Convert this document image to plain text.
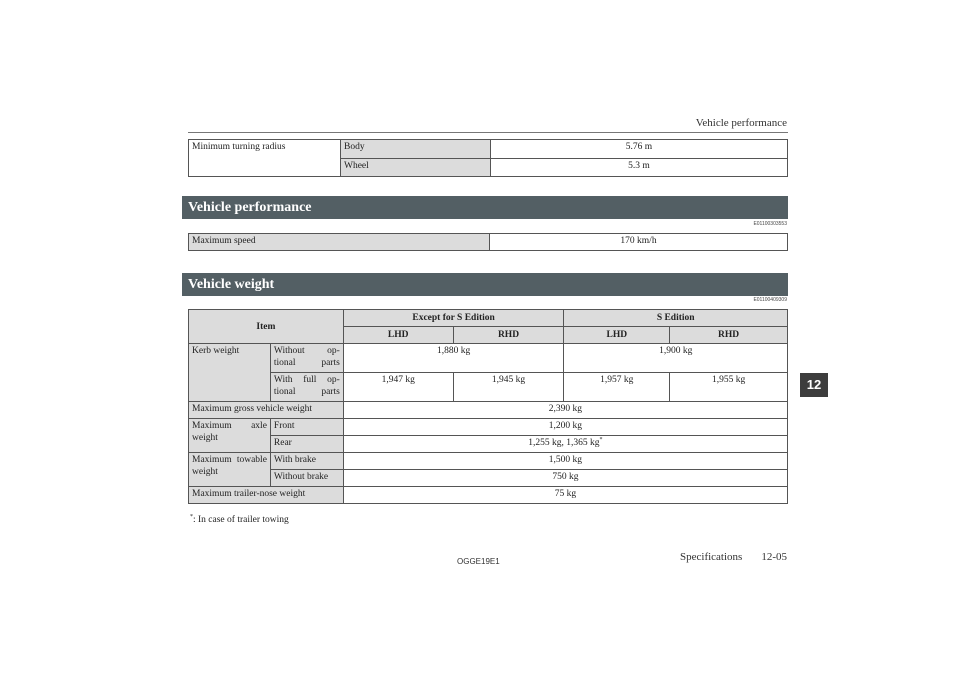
Vehicle performance
Minimum turning radius	Body	5.76 m
	Wheel	5.3 m
Vehicle performance
E01100303553
Maximum speed	170 km/h
Vehicle weight
E01100409309
Item		Except for S Edition		S Edition	
		LHD	RHD	LHD	RHD
Kerb weight	Without op- tional parts	1,880 kg		1,900 kg	
	With full op- tional parts	1,947 kg	1,945 kg	1,957 kg	1,955 kg
Maximum gross vehicle weight		2,390 kg			
Maximum axle weight	Front	1,200 kg			
	Rear	1,255 kg, 1,365 kg*
Maximum towable weight	With brake	1,500 kg			
	Without brake	750 kg			
Maximum trailer-nose weight		75 kg			
*: In case of trailer towing
12
OGGE19E1	Specifications 12-05
